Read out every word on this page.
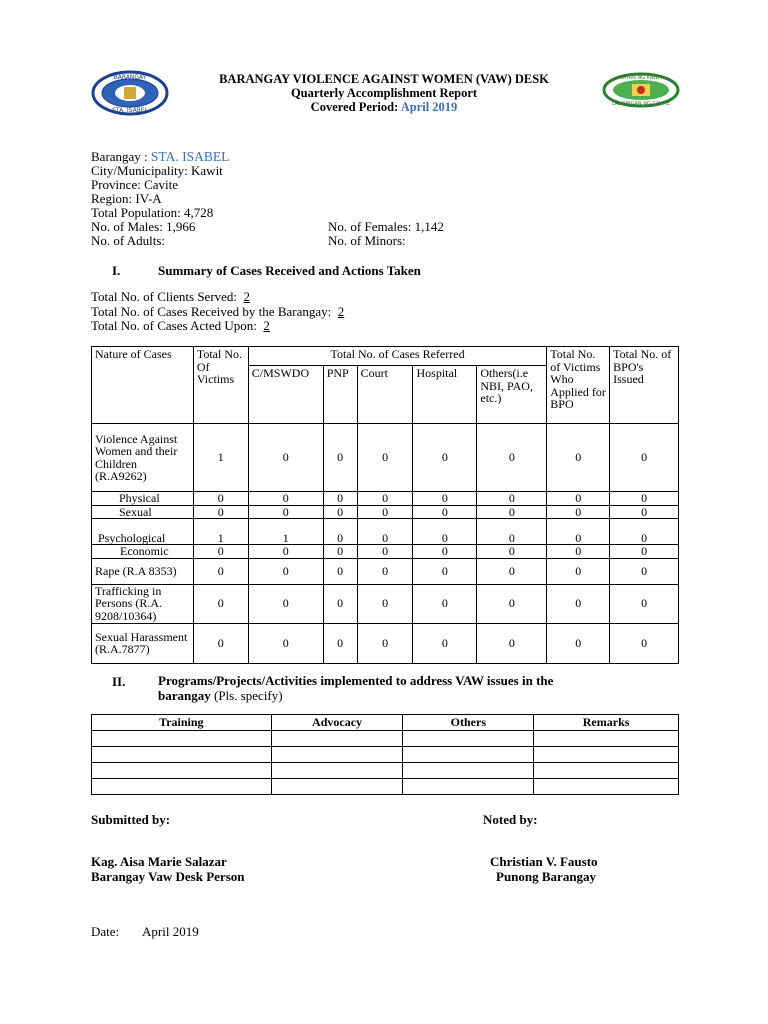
BARANGAY
STA. ISABEL
BAYAN NG KAWIT
LALAWIGAN NG CAVITE
BARANGAY VIOLENCE AGAINST WOMEN (VAW) DESK
Quarterly Accomplishment Report
Covered Period: April 2019
Barangay : STA. ISABEL
City/Municipality: Kawit
Province: Cavite
Region: IV-A
Total Population: 4,728
No. of Males: 1,966
No. of Adults:
No. of Females: 1,142
No. of Minors:
I.	Summary of Cases Received and Actions Taken
Total No. of Clients Served: 2
Total No. of Cases Received by the Barangay: 2
Total No. of Cases Acted Upon: 2
Nature of Cases	Total No. Of Victims	Total No. of Cases Referred					Total No. of Victims Who Applied for BPO	Total No. of BPO's Issued
		C/MSWDO	PNP	Court	Hospital	Others(i.e NBI, PAO, etc.)		
Violence Against Women and their Children (R.A9262)	1	0	0	0	0	0	0	0
Physical	0	0	0	0	0	0	0	0
Sexual	0	0	0	0	0	0	0	0
Psychological	1	1	0	0	0	0	0	0
Economic	0	0	0	0	0	0	0	0
Rape (R.A 8353)	0	0	0	0	0	0	0	0
Trafficking in Persons (R.A. 9208/10364)	0	0	0	0	0	0	0	0
Sexual Harassment (R.A.7877)	0	0	0	0	0	0	0	0
II.	Programs/Projects/Activities implemented to address VAW issues in the
barangay (Pls. specify)
Training	Advocacy	Others	Remarks

Submitted by:	Noted by:
Kag. Aisa Marie Salazar
Barangay Vaw Desk Person
Christian V. Fausto
Punong Barangay
Date: April 2019
